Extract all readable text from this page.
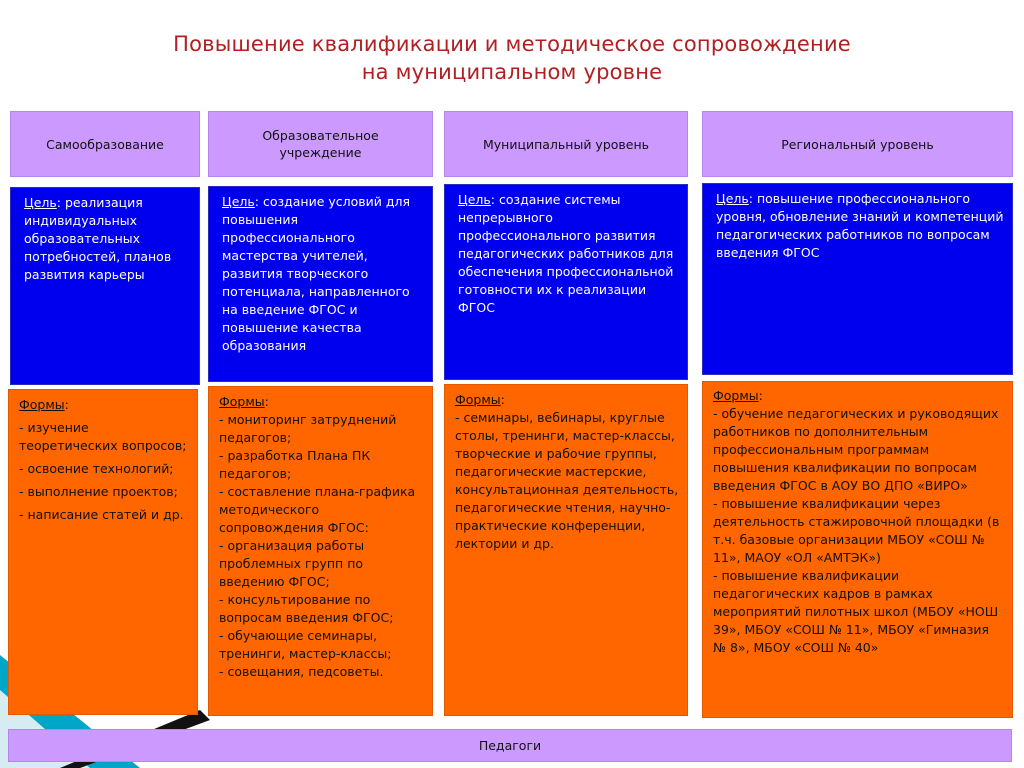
Повышение квалификации и методическое сопровождение
на муниципальном уровне
Самообразование
Цель: реализация индивидуальных образовательных потребностей, планов развития карьеры
Формы:
- изучение теоретических вопросов;
- освоение технологий;
- выполнение проектов;
- написание статей и др.
Образовательное учреждение
Цель: создание условий для повышения профессионального мастерства учителей, развития творческого потенциала, направленного на введение ФГОС и повышение качества образования
Формы:
- мониторинг затруднений педагогов;
- разработка Плана ПК педагогов;
- составление плана-графика методического сопровождения ФГОС:
- организация работы проблемных групп по введению ФГОС;
- консультирование по вопросам введения ФГОС;
- обучающие семинары, тренинги, мастер-классы;
- совещания, педсоветы.
Муниципальный уровень
Цель: создание системы непрерывного профессионального развития педагогических работников для обеспечения профессиональной готовности их к реализации ФГОС
Формы:
- семинары, вебинары, круглые столы, тренинги, мастер-классы, творческие и рабочие группы, педагогические мастерские, консультационная деятельность, педагогические чтения, научно-практические конференции, лектории и др.
Региональный уровень
Цель: повышение профессионального уровня, обновление знаний и компетенций педагогических работников по вопросам введения ФГОС
Формы:
- обучение педагогических и руководящих работников по дополнительным профессиональным программам повышения квалификации по вопросам введения ФГОС в АОУ ВО ДПО «ВИРО»
- повышение квалификации через деятельность стажировочной площадки (в т.ч. базовые организации МБОУ «СОШ № 11», МАОУ «ОЛ «АМТЭК»)
- повышение квалификации педагогических кадров в рамках мероприятий пилотных школ (МБОУ «НОШ 39», МБОУ «СОШ № 11», МБОУ «Гимназия № 8», МБОУ «СОШ № 40»
Педагоги
